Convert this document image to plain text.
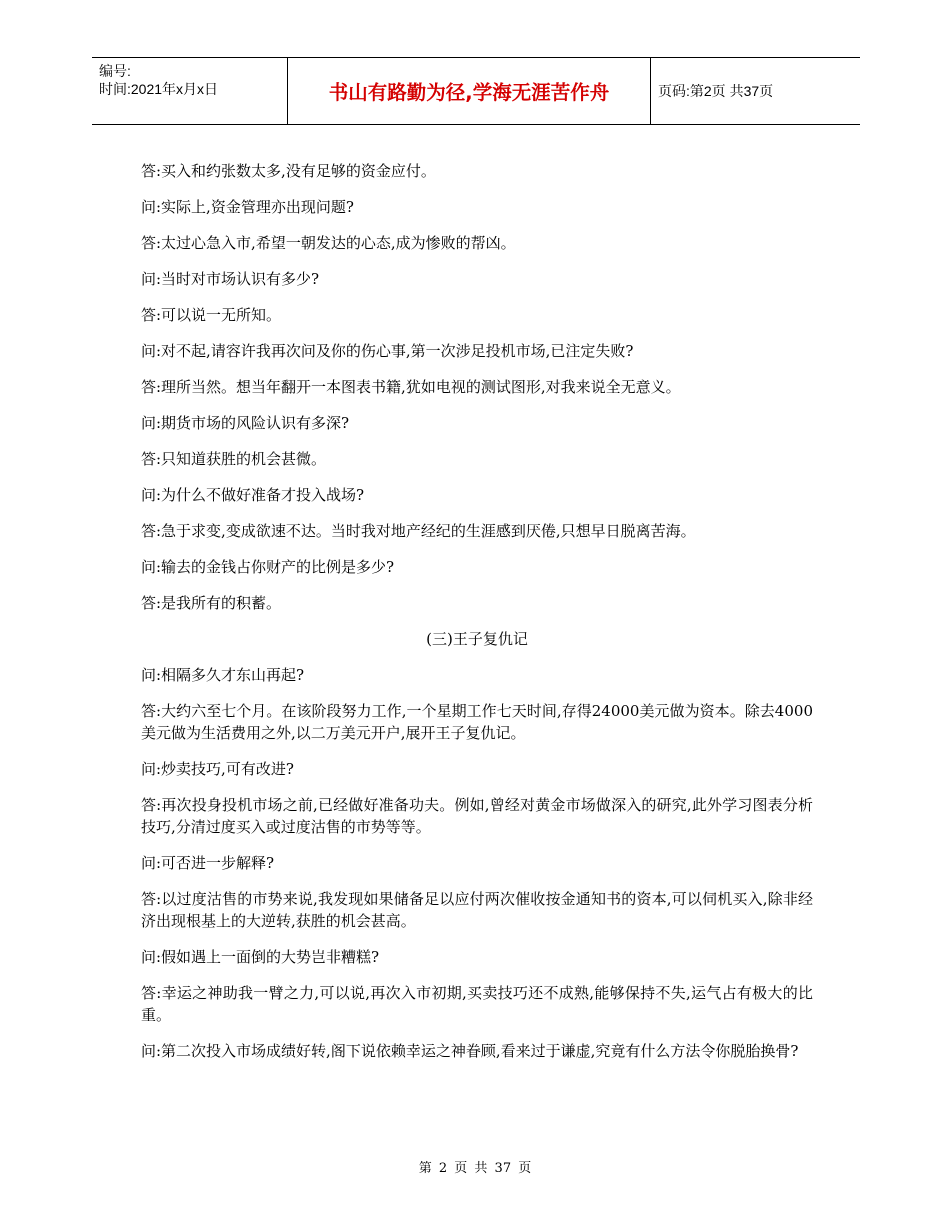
编号:
时间:2021年x月x日	书山有路勤为径,学海无涯苦作舟	页码:第2页 共37页

答:买入和约张数太多,没有足够的资金应付。

问:实际上,资金管理亦出现问题?

答:太过心急入市,希望一朝发达的心态,成为惨败的帮凶。

问:当时对市场认识有多少?

答:可以说一无所知。

问:对不起,请容许我再次问及你的伤心事,第一次涉足投机市场,已注定失败?

答:理所当然。想当年翻开一本图表书籍,犹如电视的测试图形,对我来说全无意义。

问:期货市场的风险认识有多深?

答:只知道获胜的机会甚微。

问:为什么不做好准备才投入战场?

答:急于求变,变成欲速不达。当时我对地产经纪的生涯感到厌倦,只想早日脱离苦海。

问:输去的金钱占你财产的比例是多少?

答:是我所有的积蓄。

(三)王子复仇记

问:相隔多久才东山再起?

答:大约六至七个月。在该阶段努力工作,一个星期工作七天时间,存得24000美元做为资本。除去4000美元做为生活费用之外,以二万美元开户,展开王子复仇记。

问:炒卖技巧,可有改进?

答:再次投身投机市场之前,已经做好准备功夫。例如,曾经对黄金市场做深入的研究,此外学习图表分析技巧,分清过度买入或过度沽售的市势等等。

问:可否进一步解释?

答:以过度沽售的市势来说,我发现如果储备足以应付两次催收按金通知书的资本,可以伺机买入,除非经济出现根基上的大逆转,获胜的机会甚高。

问:假如遇上一面倒的大势岂非糟糕?

答:幸运之神助我一臂之力,可以说,再次入市初期,买卖技巧还不成熟,能够保持不失,运气占有极大的比重。

问:第二次投入市场成绩好转,阁下说依赖幸运之神眷顾,看来过于谦虚,究竟有什么方法令你脱胎换骨?

第 2 页 共 37 页
